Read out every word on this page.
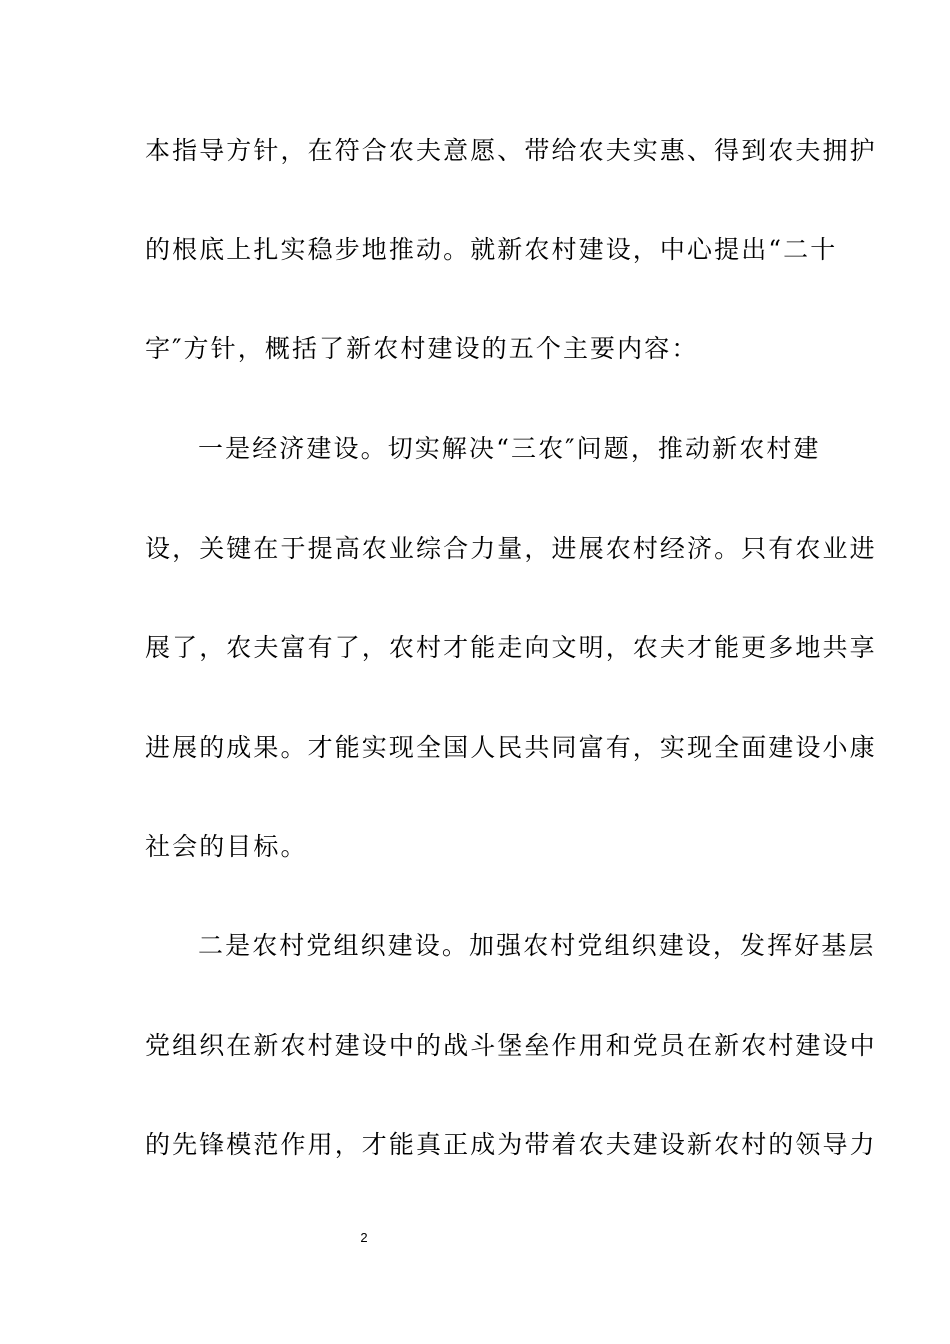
本指导方针，在符合农夫意愿、带给农夫实惠、得到农夫拥护
的根底上扎实稳步地推动。就新农村建设，中心提出“二十
字″方针，概括了新农村建设的五个主要内容：
一是经济建设。切实解决“三农″问题，推动新农村建
设，关键在于提高农业综合力量，进展农村经济。只有农业进
展了，农夫富有了，农村才能走向文明，农夫才能更多地共享
进展的成果。才能实现全国人民共同富有，实现全面建设小康
社会的目标。
二是农村党组织建设。加强农村党组织建设，发挥好基层
党组织在新农村建设中的战斗堡垒作用和党员在新农村建设中
的先锋模范作用，才能真正成为带着农夫建设新农村的领导力
2
